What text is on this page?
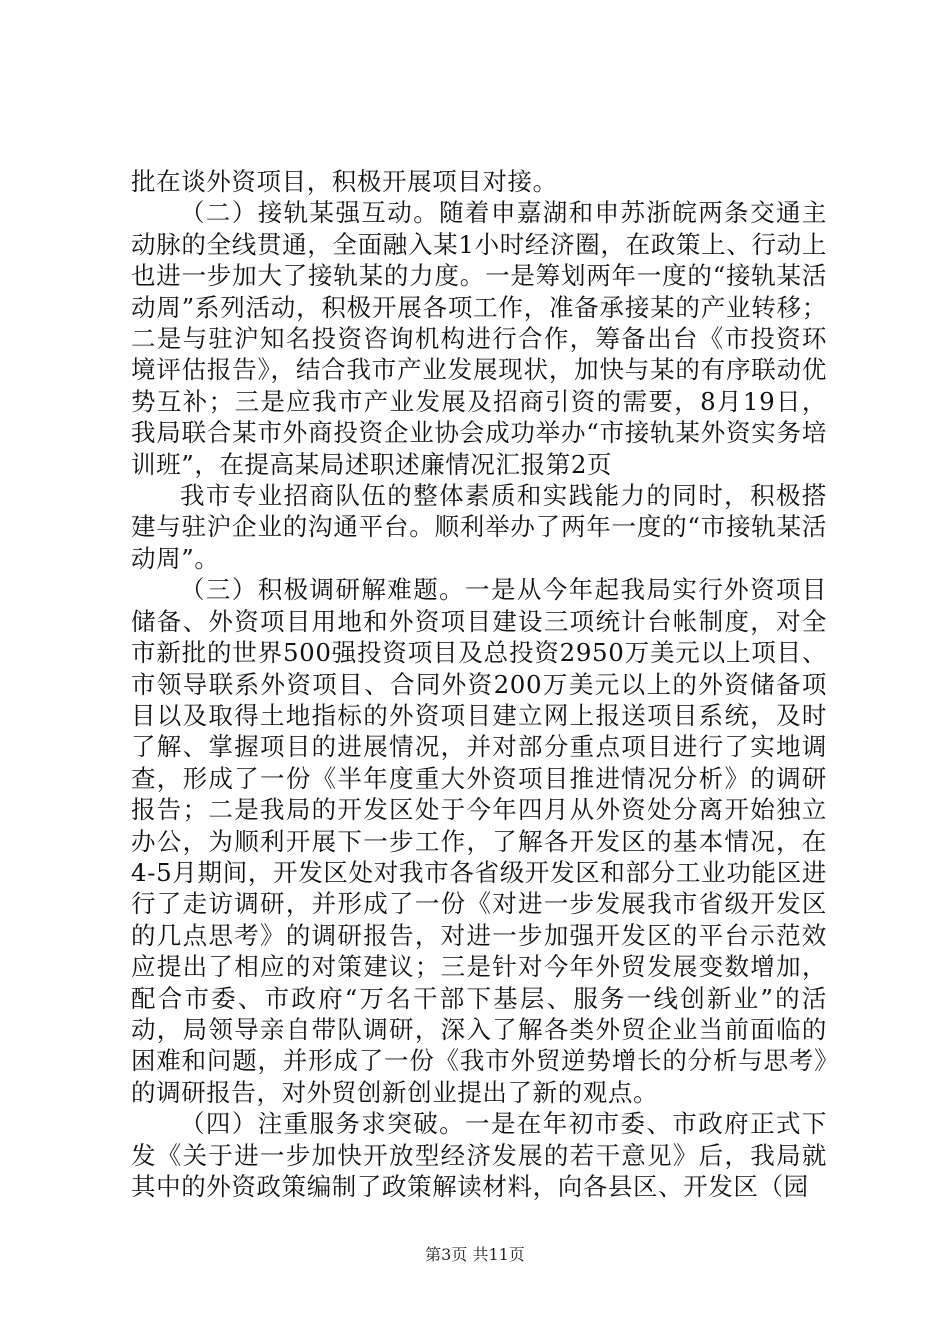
批在谈外资项目，积极开展项目对接。

（二）接轨某强互动。随着申嘉湖和申苏浙皖两条交通主动脉的全线贯通，全面融入某1小时经济圈，在政策上、行动上也进一步加大了接轨某的力度。一是筹划两年一度的“接轨某活动周”系列活动，积极开展各项工作，准备承接某的产业转移；二是与驻沪知名投资咨询机构进行合作，筹备出台《市投资环境评估报告》，结合我市产业发展现状，加快与某的有序联动优势互补；三是应我市产业发展及招商引资的需要，8月19日，我局联合某市外商投资企业协会成功举办“市接轨某外资实务培训班”，在提高某局述职述廉情况汇报第2页

我市专业招商队伍的整体素质和实践能力的同时，积极搭建与驻沪企业的沟通平台。顺利举办了两年一度的“市接轨某活动周”。

（三）积极调研解难题。一是从今年起我局实行外资项目储备、外资项目用地和外资项目建设三项统计台帐制度，对全市新批的世界500强投资项目及总投资2950万美元以上项目、市领导联系外资项目、合同外资200万美元以上的外资储备项目以及取得土地指标的外资项目建立网上报送项目系统，及时了解、掌握项目的进展情况，并对部分重点项目进行了实地调查，形成了一份《半年度重大外资项目推进情况分析》的调研报告；二是我局的开发区处于今年四月从外资处分离开始独立办公，为顺利开展下一步工作，了解各开发区的基本情况，在4-5月期间，开发区处对我市各省级开发区和部分工业功能区进行了走访调研，并形成了一份《对进一步发展我市省级开发区的几点思考》的调研报告，对进一步加强开发区的平台示范效应提出了相应的对策建议；三是针对今年外贸发展变数增加，配合市委、市政府“万名干部下基层、服务一线创新业”的活动，局领导亲自带队调研，深入了解各类外贸企业当前面临的困难和问题，并形成了一份《我市外贸逆势增长的分析与思考》的调研报告，对外贸创新创业提出了新的观点。

（四）注重服务求突破。一是在年初市委、市政府正式下发《关于进一步加快开放型经济发展的若干意见》后，我局就其中的外资政策编制了政策解读材料，向各县区、开发区（园

第3页 共11页
